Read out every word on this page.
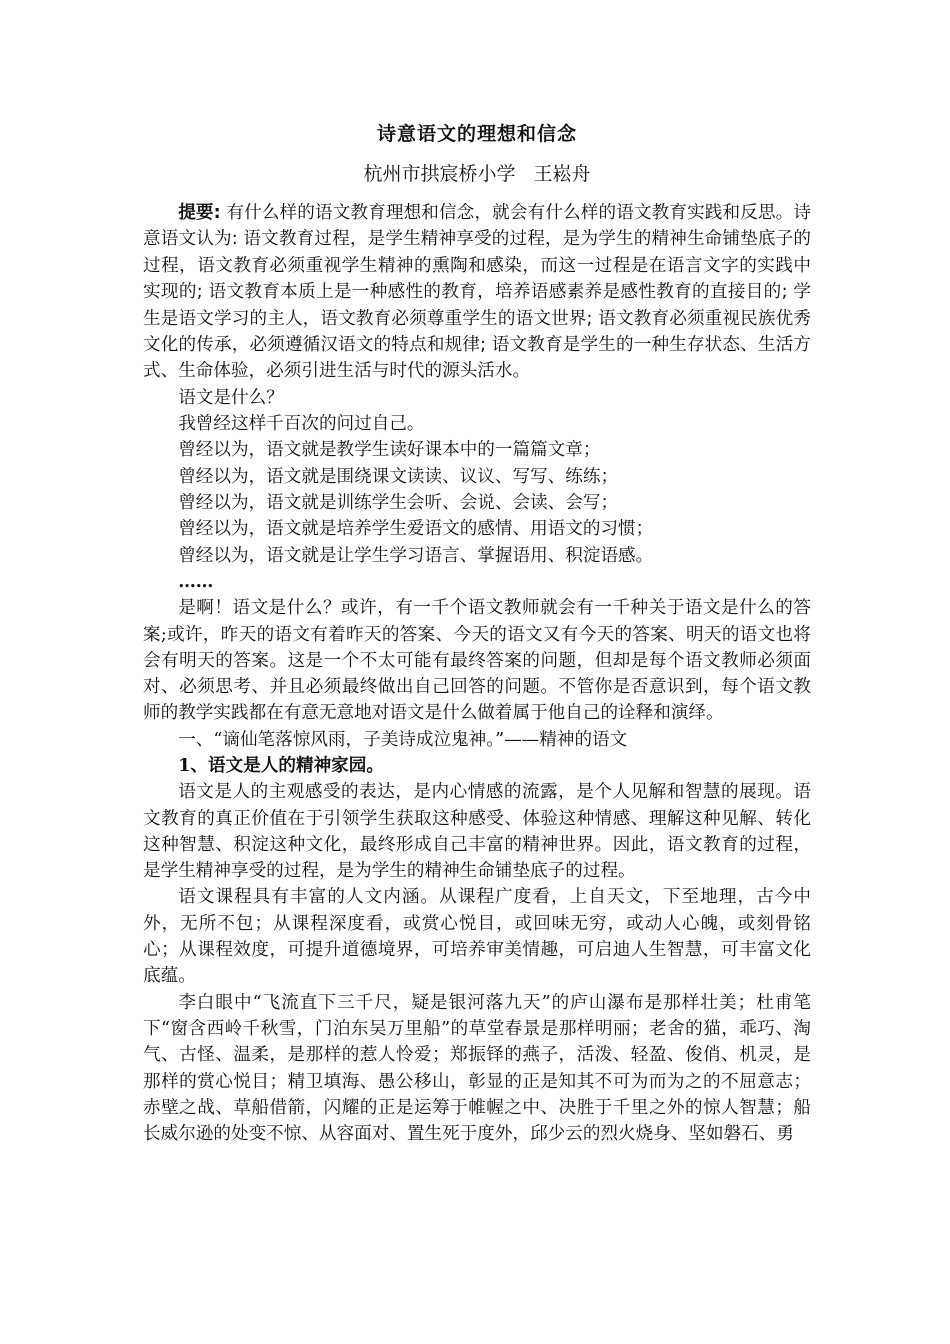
诗意语文的理想和信念
杭州市拱宸桥小学 王崧舟

提要: 有什么样的语文教育理想和信念，就会有什么样的语文教育实践和反思。诗意语文认为: 语文教育过程，是学生精神享受的过程，是为学生的精神生命铺垫底子的过程，语文教育必须重视学生精神的熏陶和感染，而这一过程是在语言文字的实践中实现的; 语文教育本质上是一种感性的教育，培养语感素养是感性教育的直接目的; 学生是语文学习的主人，语文教育必须尊重学生的语文世界; 语文教育必须重视民族优秀文化的传承，必须遵循汉语文的特点和规律; 语文教育是学生的一种生存状态、生活方式、生命体验，必须引进生活与时代的源头活水。

语文是什么？

我曾经这样千百次的问过自己。

曾经以为，语文就是教学生读好课本中的一篇篇文章；

曾经以为，语文就是围绕课文读读、议议、写写、练练；

曾经以为，语文就是训练学生会听、会说、会读、会写；

曾经以为，语文就是培养学生爱语文的感情、用语文的习惯；

曾经以为，语文就是让学生学习语言、掌握语用、积淀语感。

……

是啊！语文是什么？或许，有一千个语文教师就会有一千种关于语文是什么的答案;或许，昨天的语文有着昨天的答案、今天的语文又有今天的答案、明天的语文也将会有明天的答案。这是一个不太可能有最终答案的问题，但却是每个语文教师必须面对、必须思考、并且必须最终做出自己回答的问题。不管你是否意识到，每个语文教师的教学实践都在有意无意地对语文是什么做着属于他自己的诠释和演绎。

一、“谪仙笔落惊风雨，子美诗成泣鬼神。”——精神的语文

1、语文是人的精神家园。

语文是人的主观感受的表达，是内心情感的流露，是个人见解和智慧的展现。语文教育的真正价值在于引领学生获取这种感受、体验这种情感、理解这种见解、转化这种智慧、积淀这种文化，最终形成自己丰富的精神世界。因此，语文教育的过程，是学生精神享受的过程，是为学生的精神生命铺垫底子的过程。

语文课程具有丰富的人文内涵。从课程广度看，上自天文，下至地理，古今中外，无所不包；从课程深度看，或赏心悦目，或回味无穷，或动人心魄，或刻骨铭心；从课程效度，可提升道德境界，可培养审美情趣，可启迪人生智慧，可丰富文化底蕴。

李白眼中“飞流直下三千尺，疑是银河落九天”的庐山瀑布是那样壮美；杜甫笔下“窗含西岭千秋雪，门泊东吴万里船”的草堂春景是那样明丽；老舍的猫，乖巧、淘气、古怪、温柔，是那样的惹人怜爱；郑振铎的燕子，活泼、轻盈、俊俏、机灵，是那样的赏心悦目；精卫填海、愚公移山，彰显的正是知其不可为而为之的不屈意志；赤壁之战、草船借箭，闪耀的正是运筹于帷幄之中、决胜于千里之外的惊人智慧；船长威尔逊的处变不惊、从容面对、置生死于度外，邱少云的烈火烧身、坚如磐石、勇
